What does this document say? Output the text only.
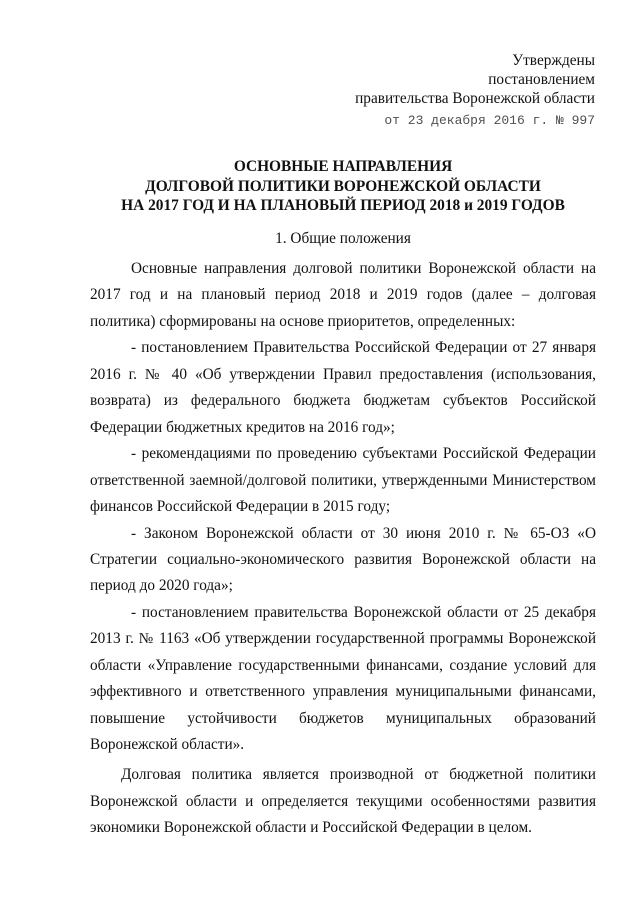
Утверждены
постановлением
правительства Воронежской области
от 23 декабря 2016 г. № 997
ОСНОВНЫЕ НАПРАВЛЕНИЯ
ДОЛГОВОЙ ПОЛИТИКИ ВОРОНЕЖСКОЙ ОБЛАСТИ
НА 2017 ГОД И НА ПЛАНОВЫЙ ПЕРИОД 2018 и 2019 ГОДОВ
1. Общие положения
Основные направления долговой политики Воронежской области на
2017 год и на плановый период 2018 и 2019 годов (далее – долговая
политика) сформированы на основе приоритетов, определенных:
- постановлением Правительства Российской Федерации от 27 января
2016 г. № 40 «Об утверждении Правил предоставления (использования,
возврата) из федерального бюджета бюджетам субъектов Российской
Федерации бюджетных кредитов на 2016 год»;
- рекомендациями по проведению субъектами Российской Федерации
ответственной заемной/долговой политики, утвержденными Министерством
финансов Российской Федерации в 2015 году;
- Законом Воронежской области от 30 июня 2010 г. № 65-ОЗ «О
Стратегии социально-экономического развития Воронежской области на
период до 2020 года»;
- постановлением правительства Воронежской области от 25 декабря
2013 г. № 1163 «Об утверждении государственной программы Воронежской
области «Управление государственными финансами, создание условий для
эффективного и ответственного управления муниципальными финансами,
повышение устойчивости бюджетов муниципальных образований
Воронежской области».
Долговая политика является производной от бюджетной политики
Воронежской области и определяется текущими особенностями развития
экономики Воронежской области и Российской Федерации в целом.
